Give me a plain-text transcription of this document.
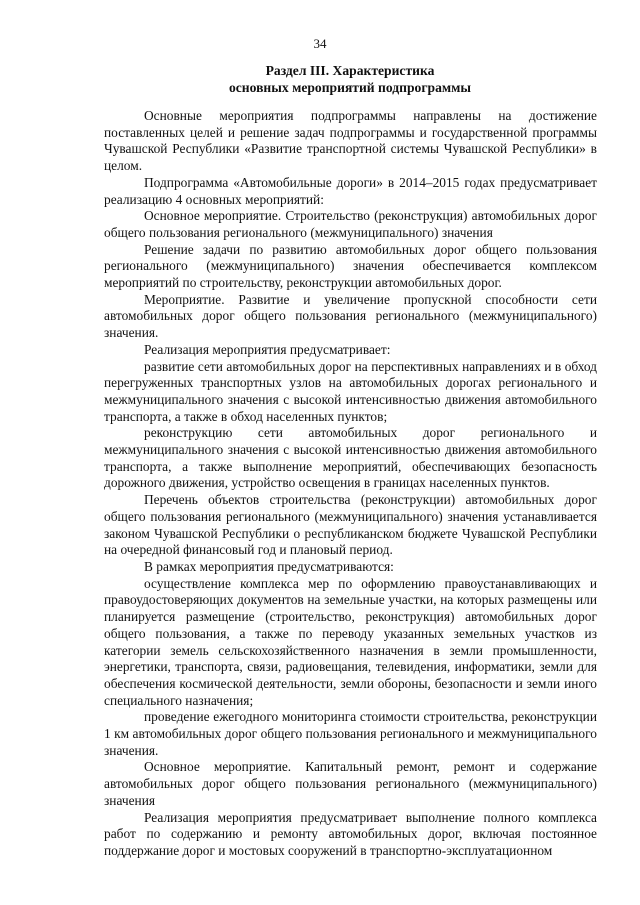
34
Раздел III. Характеристика
основных мероприятий подпрограммы

Основные мероприятия подпрограммы направлены на достижение поставленных целей и решение задач подпрограммы и государственной программы Чувашской Республики «Развитие транспортной системы Чувашской Республики» в целом.

Подпрограмма «Автомобильные дороги» в 2014–2015 годах предусматривает реализацию 4 основных мероприятий:

Основное мероприятие. Строительство (реконструкция) автомобильных дорог общего пользования регионального (межмуниципального) значения

Решение задачи по развитию автомобильных дорог общего пользования регионального (межмуниципального) значения обеспечивается комплексом мероприятий по строительству, реконструкции автомобильных дорог.

Мероприятие. Развитие и увеличение пропускной способности сети автомобильных дорог общего пользования регионального (межмуниципального) значения.

Реализация мероприятия предусматривает:

развитие сети автомобильных дорог на перспективных направлениях и в обход перегруженных транспортных узлов на автомобильных дорогах регионального и межмуниципального значения с высокой интенсивностью движения автомобильного транспорта, а также в обход населенных пунктов;

реконструкцию сети автомобильных дорог регионального и межмуниципального значения с высокой интенсивностью движения автомобильного транспорта, а также выполнение мероприятий, обеспечивающих безопасность дорожного движения, устройство освещения в границах населенных пунктов.

Перечень объектов строительства (реконструкции) автомобильных дорог общего пользования регионального (межмуниципального) значения устанавливается законом Чувашской Республики о республиканском бюджете Чувашской Республики на очередной финансовый год и плановый период.

В рамках мероприятия предусматриваются:

осуществление комплекса мер по оформлению правоустанавливающих и правоудостоверяющих документов на земельные участки, на которых размещены или планируется размещение (строительство, реконструкция) автомобильных дорог общего пользования, а также по переводу указанных земельных участков из категории земель сельскохозяйственного назначения в земли промышленности, энергетики, транспорта, связи, радиовещания, телевидения, информатики, земли для обеспечения космической деятельности, земли обороны, безопасности и земли иного специального назначения;

проведение ежегодного мониторинга стоимости строительства, реконструкции 1 км автомобильных дорог общего пользования регионального и межмуниципального значения.

Основное мероприятие. Капитальный ремонт, ремонт и содержание автомобильных дорог общего пользования регионального (межмуниципального) значения

Реализация мероприятия предусматривает выполнение полного комплекса работ по содержанию и ремонту автомобильных дорог, включая постоянное поддержание дорог и мостовых сооружений в транспортно-эксплуатационном
